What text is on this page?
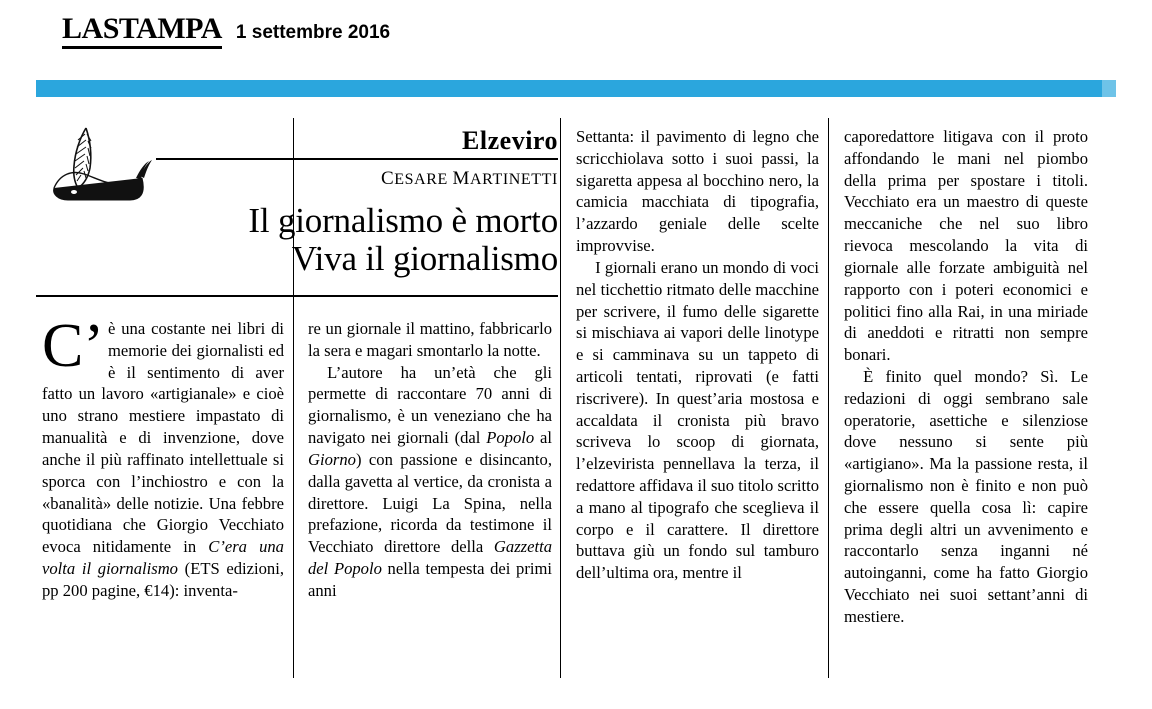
LASTAMPA 1 settembre 2016
Elzeviro
CESARE MARTINETTI
Il giornalismo è morto
Viva il giornalismo

C’ è una costante nei libri di memorie dei giornalisti ed è il sentimento di aver fatto un lavoro «artigianale» e cioè uno strano mestiere impastato di manualità e di invenzione, dove anche il più raffinato intellettuale si sporca con l’inchiostro e con la «banalità» delle notizie. Una febbre quotidiana che Giorgio Vecchiato evoca nitidamente in C’era una volta il giornalismo (ETS edizioni, pp 200 pagine, €14): inventa-

re un giornale il mattino, fabbricarlo la sera e magari smontarlo la notte.

L’autore ha un’età che gli permette di raccontare 70 anni di giornalismo, è un veneziano che ha navigato nei giornali (dal Popolo al Giorno) con passione e disincanto, dalla gavetta al vertice, da cronista a direttore. Luigi La Spina, nella prefazione, ricorda da testimone il Vecchiato direttore della Gazzetta del Popolo nella tempesta dei primi anni

Settanta: il pavimento di legno che scricchiolava sotto i suoi passi, la sigaretta appesa al bocchino nero, la camicia macchiata di tipografia, l’azzardo geniale delle scelte improvvise.

I giornali erano un mondo di voci nel ticchettio ritmato delle macchine per scrivere, il fumo delle sigarette si mischiava ai vapori delle linotype e si camminava su un tappeto di articoli tentati, riprovati (e fatti riscrivere). In quest’aria mostosa e accaldata il cronista più bravo scriveva lo scoop di giornata, l’elzevirista pennellava la terza, il redattore affidava il suo titolo scritto a mano al tipografo che sceglieva il corpo e il carattere. Il direttore buttava giù un fondo sul tamburo dell’ultima ora, mentre il

caporedattore litigava con il proto affondando le mani nel piombo della prima per spostare i titoli. Vecchiato era un maestro di queste meccaniche che nel suo libro rievoca mescolando la vita di giornale alle forzate ambiguità nel rapporto con i poteri economici e politici fino alla Rai, in una miriade di aneddoti e ritratti non sempre bonari.

È finito quel mondo? Sì. Le redazioni di oggi sembrano sale operatorie, asettiche e silenziose dove nessuno si sente più «artigiano». Ma la passione resta, il giornalismo non è finito e non può che essere quella cosa lì: capire prima degli altri un avvenimento e raccontarlo senza inganni né autoinganni, come ha fatto Giorgio Vecchiato nei suoi settant’anni di mestiere.
